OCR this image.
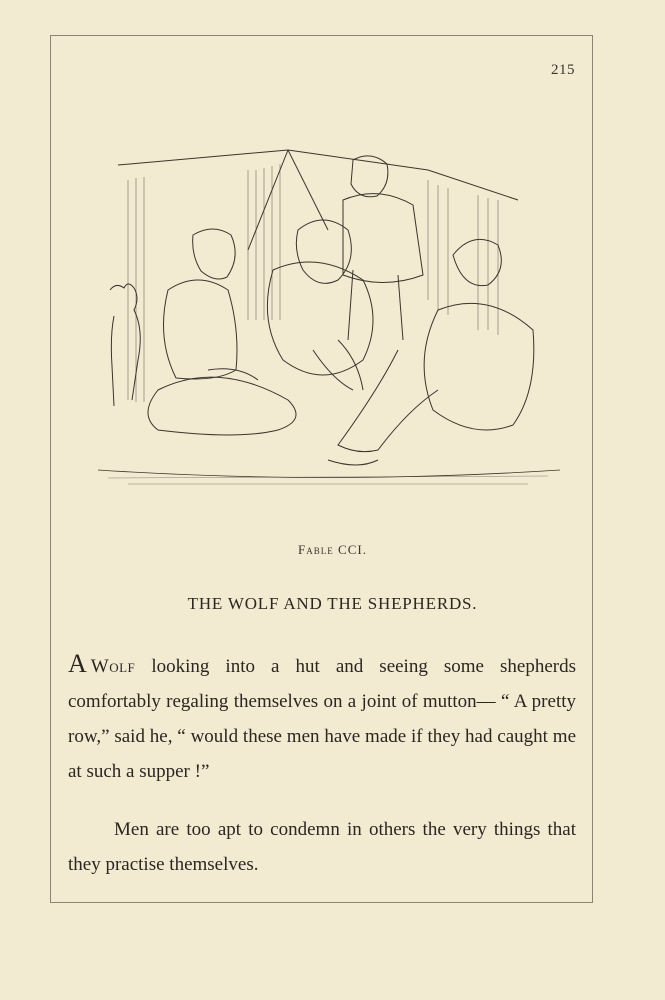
215
Fable CCI.
THE WOLF AND THE SHEPHERDS.
A Wolf looking into a hut and seeing some shepherds comfortably regaling themselves on a joint of mutton— “ A pretty row,” said he, “ would these men have made if they had caught me at such a supper !”
Men are too apt to condemn in others the very things that they practise themselves.
